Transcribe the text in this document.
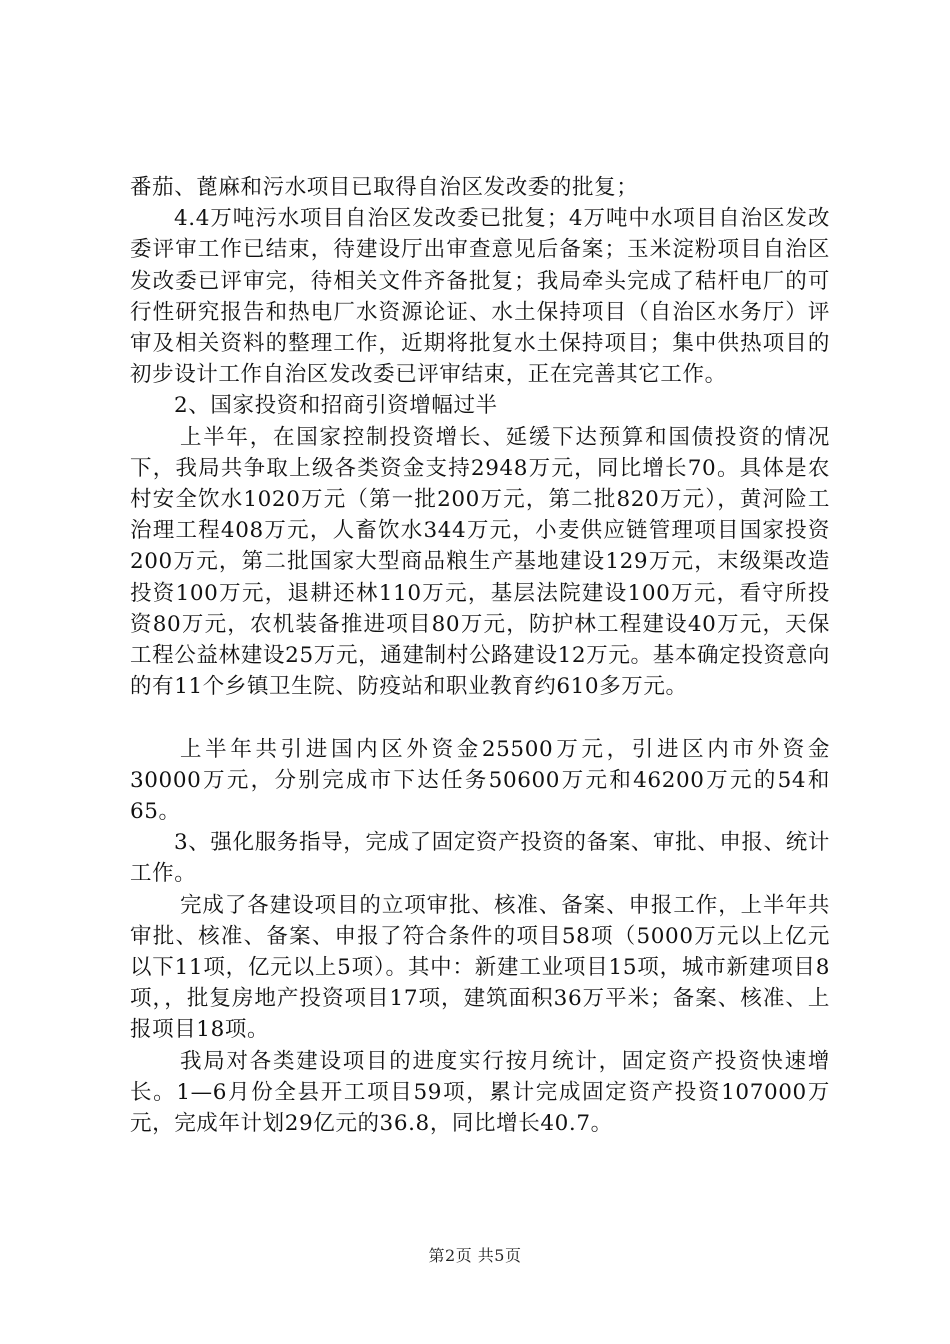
番茄、蓖麻和污水项目已取得自治区发改委的批复；

4.4万吨污水项目自治区发改委已批复；4万吨中水项目自治区发改委评审工作已结束，待建设厅出审查意见后备案；玉米淀粉项目自治区发改委已评审完，待相关文件齐备批复；我局牵头完成了秸杆电厂的可行性研究报告和热电厂水资源论证、水土保持项目（自治区水务厅）评审及相关资料的整理工作，近期将批复水土保持项目；集中供热项目的初步设计工作自治区发改委已评审结束，正在完善其它工作。

2、国家投资和招商引资增幅过半

上半年，在国家控制投资增长、延缓下达预算和国债投资的情况下，我局共争取上级各类资金支持2948万元，同比增长70。具体是农村安全饮水1020万元（第一批200万元，第二批820万元），黄河险工治理工程408万元，人畜饮水344万元，小麦供应链管理项目国家投资200万元，第二批国家大型商品粮生产基地建设129万元，末级渠改造投资100万元，退耕还林110万元，基层法院建设100万元，看守所投资80万元，农机装备推进项目80万元，防护林工程建设40万元，天保工程公益林建设25万元，通建制村公路建设12万元。基本确定投资意向的有11个乡镇卫生院、防疫站和职业教育约610多万元。

上半年共引进国内区外资金25500万元，引进区内市外资金30000万元，分别完成市下达任务50600万元和46200万元的54和65。

3、强化服务指导，完成了固定资产投资的备案、审批、申报、统计工作。

完成了各建设项目的立项审批、核准、备案、申报工作，上半年共审批、核准、备案、申报了符合条件的项目58项（5000万元以上亿元以下11项，亿元以上5项）。其中：新建工业项目15项，城市新建项目8项，，批复房地产投资项目17项，建筑面积36万平米；备案、核准、上报项目18项。

我局对各类建设项目的进度实行按月统计，固定资产投资快速增长。1—6月份全县开工项目59项，累计完成固定资产投资107000万元，完成年计划29亿元的36.8，同比增长40.7。

第2页 共5页
